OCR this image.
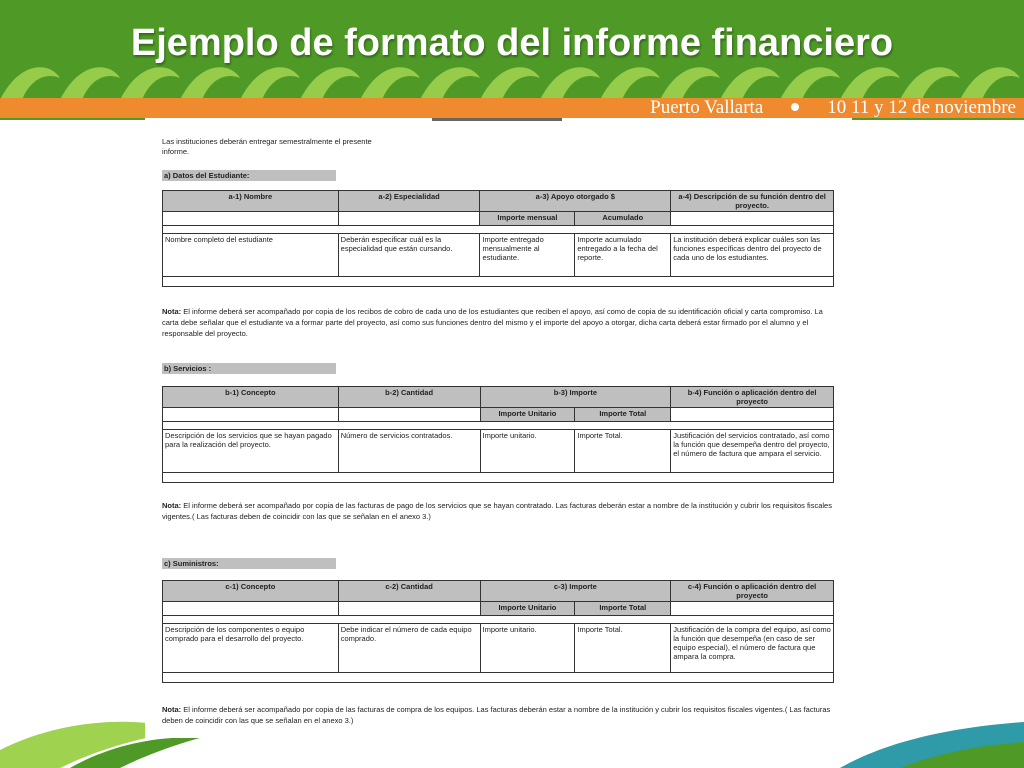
Ejemplo de formato del informe financiero
Puerto Vallarta	10 11 y 12 de noviembre
Las instituciones deberán entregar semestralmente el presente informe.
a) Datos del Estudiante:
a-1) Nombre	a-2) Especialidad	a-3) Apoyo otorgado $		a-4) Descripción de su función dentro del proyecto.
		Importe mensual	Acumulado	

Nombre completo del estudiante	Deberán especificar cuál es la especialidad que están cursando.	Importe entregado mensualmente al estudiante.	Importe acumulado entregado a la fecha del reporte.	La institución deberá explicar cuáles son las funciones específicas dentro del proyecto de cada uno de los estudiantes.

Nota: El informe deberá ser acompañado por copia de los recibos de cobro de cada uno de los estudiantes que reciben el apoyo, así como de copia de su identificación oficial y carta compromiso. La carta debe señalar que el estudiante va a formar parte del proyecto, así como sus funciones dentro del mismo y el importe del apoyo a otorgar, dicha carta deberá estar firmado por el alumno y el responsable del proyecto.
b) Servicios :
b-1) Concepto	b-2) Cantidad	b-3) Importe		b-4) Función o aplicación dentro del proyecto
		Importe Unitario	Importe Total	

Descripción de los servicios que se hayan pagado para la realización del proyecto.	Número de servicios contratados.	Importe unitario.	Importe Total.	Justificación del servicios contratado, así como la función que desempeña dentro del proyecto, el número de factura que ampara el servicio.

Nota: El informe deberá ser acompañado por copia de las facturas de pago de los servicios que se hayan contratado. Las facturas deberán estar a nombre de la institución y cubrir los requisitos fiscales vigentes.( Las facturas deben de coincidir con las que se señalan en el anexo 3.)
c) Suministros:
c-1) Concepto	c-2) Cantidad	c-3) Importe		c-4) Función o aplicación dentro del proyecto
		Importe Unitario	Importe Total	

Descripción de los componentes o equipo comprado para el desarrollo del proyecto.	Debe indicar el número de cada equipo comprado.	Importe unitario.	Importe Total.	Justificación de la compra del equipo, así como la función que desempeña (en caso de ser equipo especial), el número de factura que ampara la compra.

Nota: El informe deberá ser acompañado por copia de las facturas de compra de los equipos. Las facturas deberán estar a nombre de la institución y cubrir los requisitos fiscales vigentes.( Las facturas deben de coincidir con las que se señalan en el anexo 3.)
